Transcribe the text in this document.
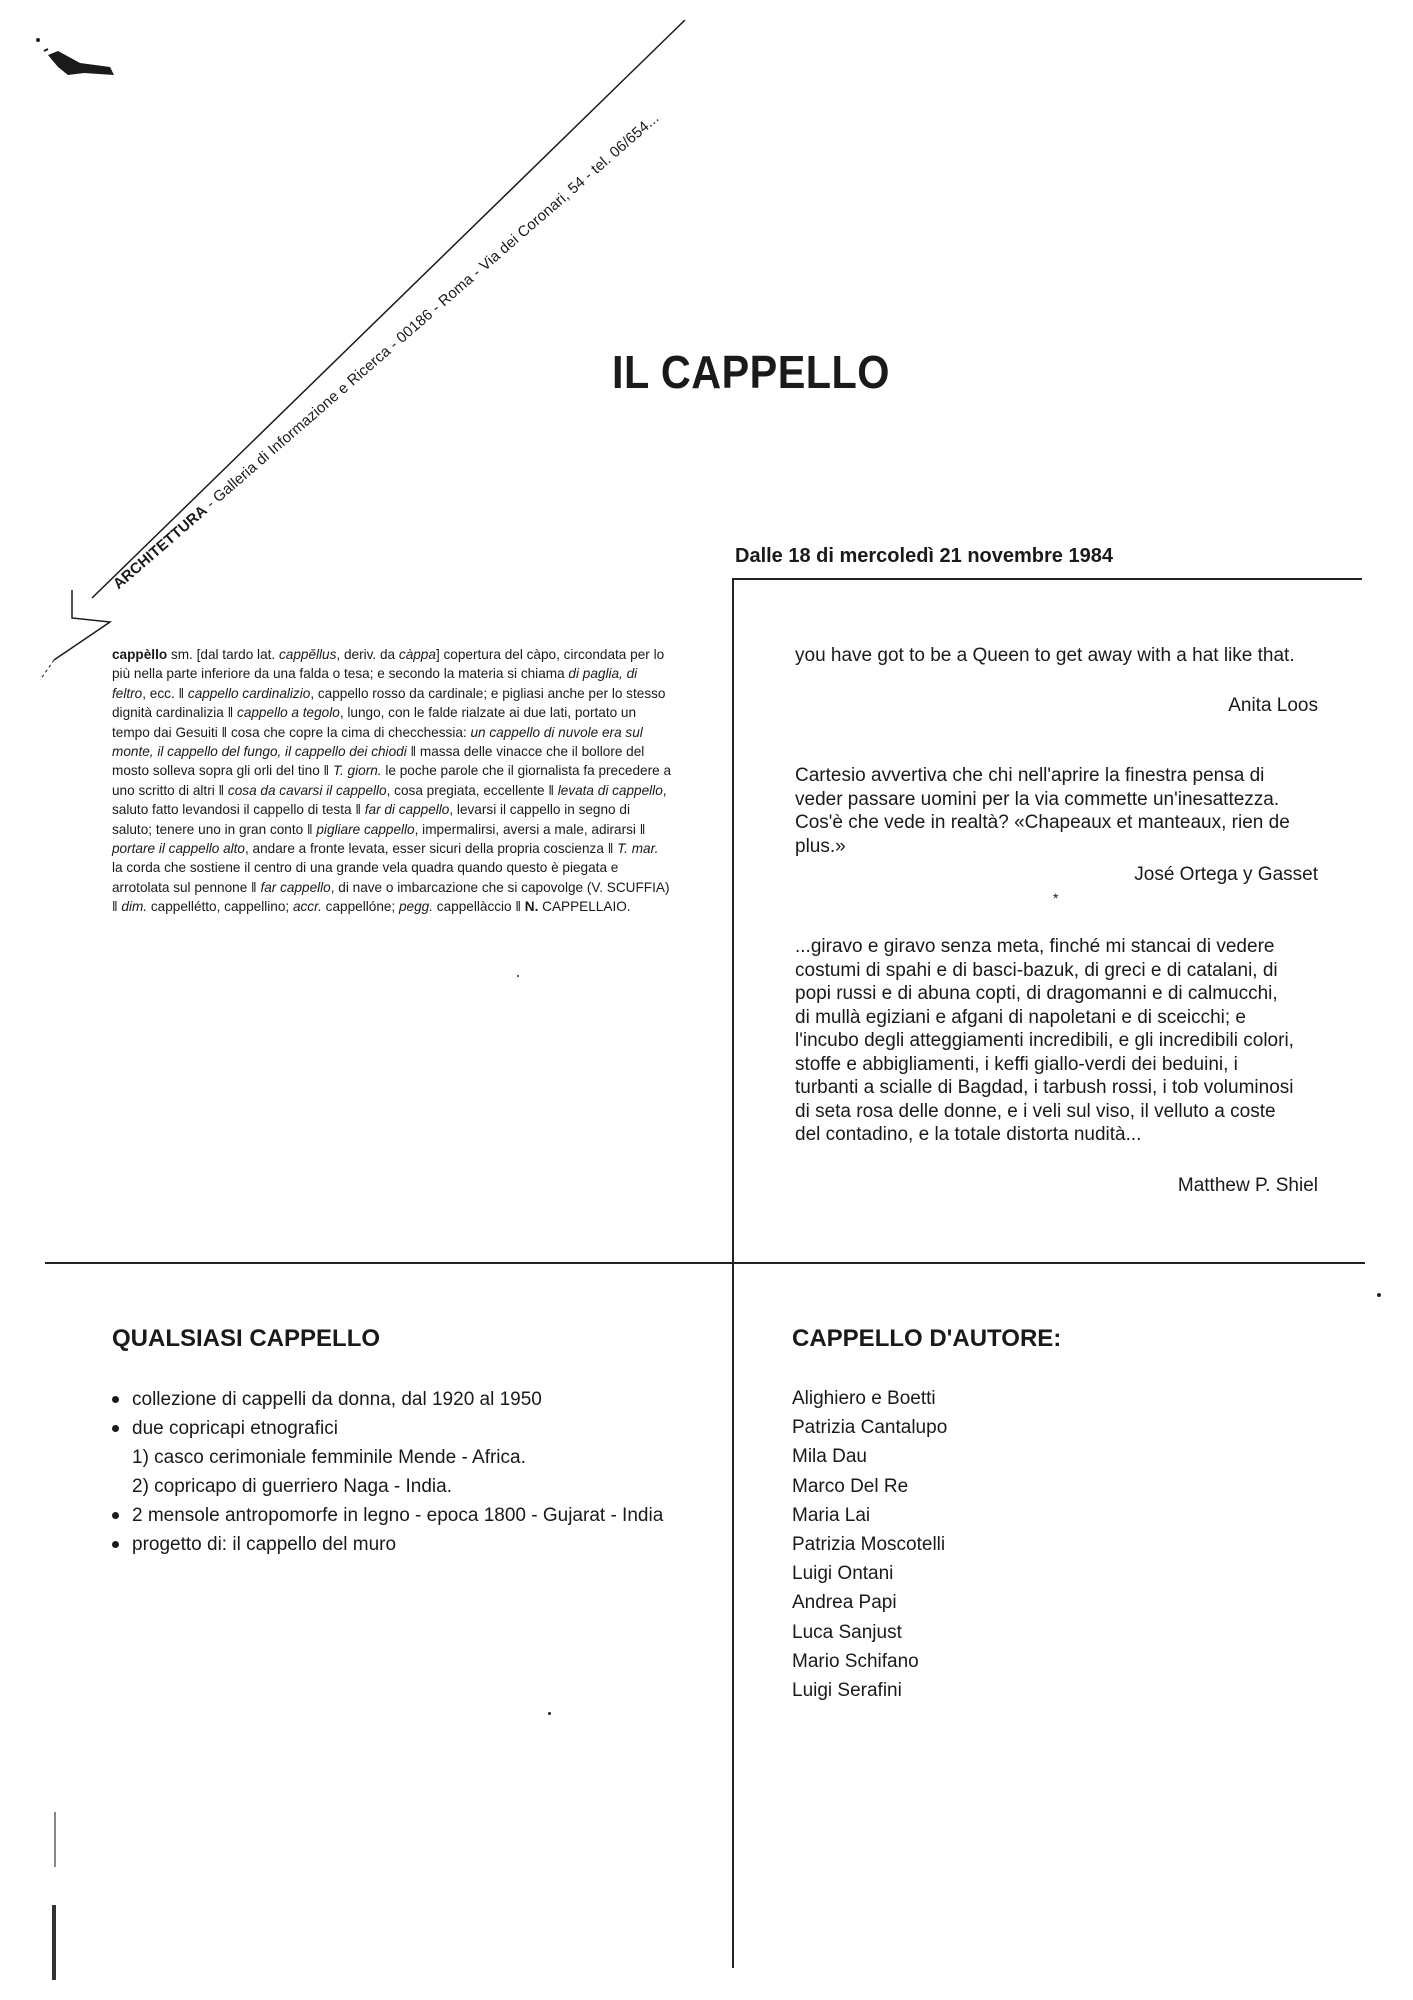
ARCHITETTURA - Galleria di Informazione e Ricerca - 00186 - Roma - Via dei Coronari, 54 - tel. 06/654...
IL CAPPELLO
Dalle 18 di mercoledì 21 novembre 1984
cappèllo sm. [dal tardo lat. cappĕllus, deriv. da càppa] copertura del càpo, circondata per lo più nella parte inferiore da una falda o tesa; e secondo la materia si chiama di paglia, di feltro, ecc. ‖ cappello cardinalizio, cappello rosso da cardinale; e pigliasi anche per lo stesso dignità cardinalizia ‖ cappello a tegolo, lungo, con le falde rialzate ai due lati, portato un tempo dai Gesuiti ‖ cosa che copre la cima di checchessia: un cappello di nuvole era sul monte, il cappello del fungo, il cappello dei chiodi ‖ massa delle vinacce che il bollore del mosto solleva sopra gli orli del tino ‖ T. giorn. le poche parole che il giornalista fa precedere a uno scritto di altri ‖ cosa da cavarsi il cappello, cosa pregiata, eccellente ‖ levata di cappello, saluto fatto levandosi il cappello di testa ‖ far di cappello, levarsi il cappello in segno di saluto; tenere uno in gran conto ‖ pigliare cappello, impermalirsi, aversi a male, adirarsi ‖ portare il cappello alto, andare a fronte levata, esser sicuri della propria coscienza ‖ T. mar. la corda che sostiene il centro di una grande vela quadra quando questo è piegata e arrotolata sul pennone ‖ far cappello, di nave o imbarcazione che si capovolge (V. SCUFFIA) ‖ dim. cappellétto, cappellino; accr. cappellóne; pegg. cappellàccio ‖ N. CAPPELLAIO.
you have got to be a Queen to get away with a hat like that.
Anita Loos
Cartesio avvertiva che chi nell'aprire la finestra pensa di veder passare uomini per la via commette un'inesattezza. Cos'è che vede in realtà? «Chapeaux et manteaux, rien de plus.»
José Ortega y Gasset
*
...giravo e giravo senza meta, finché mi stancai di vedere costumi di spahi e di basci-bazuk, di greci e di catalani, di popi russi e di abuna copti, di dragomanni e di calmucchi, di mullà egiziani e afgani di napoletani e di sceicchi; e l'incubo degli atteggiamenti incredibili, e gli incredibili colori, stoffe e abbigliamenti, i keffi giallo-verdi dei beduini, i turbanti a scialle di Bagdad, i tarbush rossi, i tob voluminosi di seta rosa delle donne, e i veli sul viso, il velluto a coste del contadino, e la totale distorta nudità...
Matthew P. Shiel
QUALSIASI CAPPELLO
collezione di cappelli da donna, dal 1920 al 1950
due copricapi etnografici
1) casco cerimoniale femminile Mende - Africa.
2) copricapo di guerriero Naga - India.
2 mensole antropomorfe in legno - epoca 1800 - Gujarat - India
progetto di: il cappello del muro
CAPPELLO D'AUTORE:
Alighiero e Boetti
Patrizia Cantalupo
Mila Dau
Marco Del Re
Maria Lai
Patrizia Moscotelli
Luigi Ontani
Andrea Papi
Luca Sanjust
Mario Schifano
Luigi Serafini
